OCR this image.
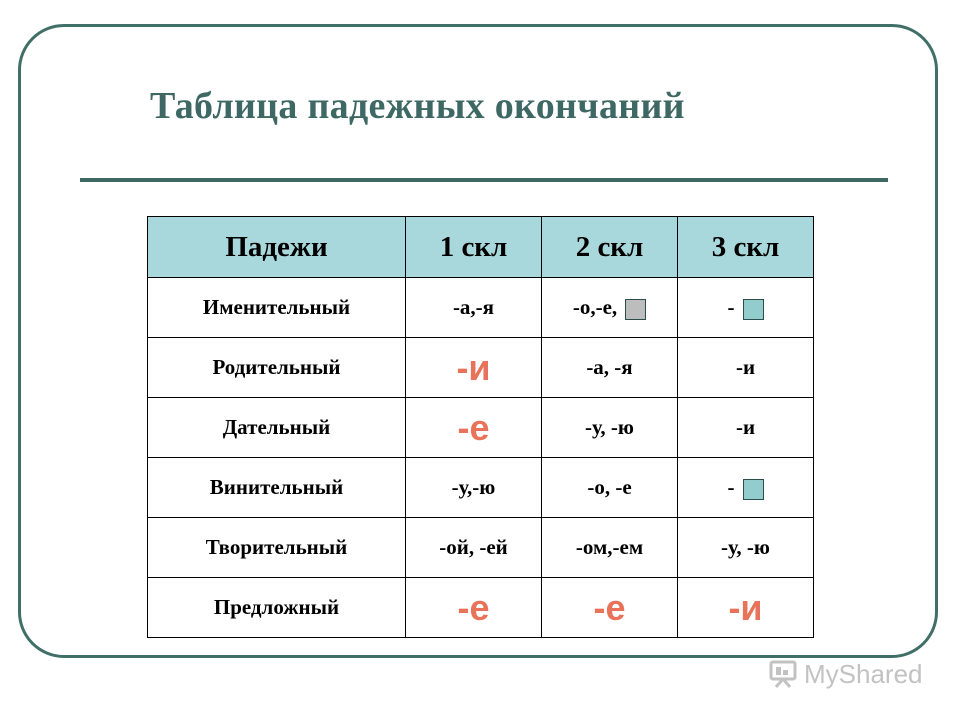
Таблица падежных окончаний
Падежи	1 скл	2 скл	3 скл
Именительный	-а,-я	-о,-е,	-
Родительный	-и	-а, -я	-и
Дательный	-е	-у, -ю	-и
Винительный	-у,-ю	-о, -е	-
Творительный	-ой, -ей	-ом,-ем	-у, -ю
Предложный	-е	-е	-и
MyShared
